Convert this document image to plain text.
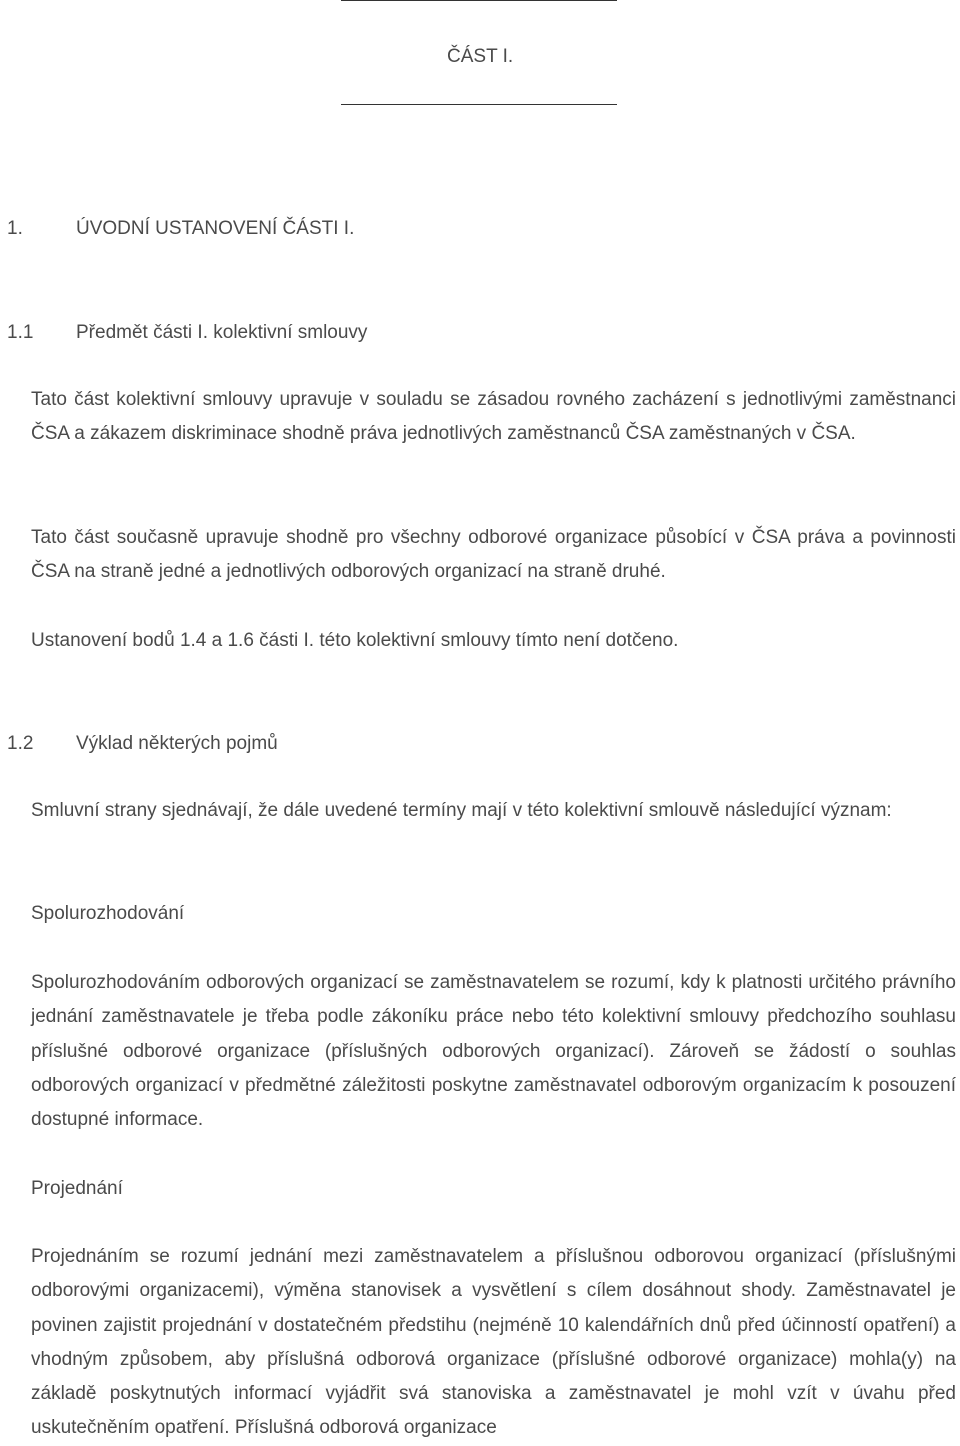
ČÁST I.
1.	ÚVODNÍ USTANOVENÍ ČÁSTI I.
1.1 Předmět části I. kolektivní smlouvy
Tato část kolektivní smlouvy upravuje v souladu se zásadou rovného zacházení s jednotlivými zaměstnanci ČSA a zákazem diskriminace shodně práva jednotlivých zaměstnanců ČSA zaměstnaných v ČSA.
Tato část současně upravuje shodně pro všechny odborové organizace působící v ČSA práva a povinnosti ČSA na straně jedné a jednotlivých odborových organizací na straně druhé.
Ustanovení bodů 1.4 a 1.6 části I. této kolektivní smlouvy tímto není dotčeno.
1.2 Výklad některých pojmů
Smluvní strany sjednávají, že dále uvedené termíny mají v této kolektivní smlouvě následující význam:
Spolurozhodování
Spolurozhodováním odborových organizací se zaměstnavatelem se rozumí, kdy k platnosti určitého právního jednání zaměstnavatele je třeba podle zákoníku práce nebo této kolektivní smlouvy předchozího souhlasu příslušné odborové organizace (příslušných odborových organizací). Zároveň se žádostí o souhlas odborových organizací v předmětné záležitosti poskytne zaměstnavatel odborovým organizacím k posouzení dostupné informace.
Projednání
Projednáním se rozumí jednání mezi zaměstnavatelem a příslušnou odborovou organizací (příslušnými odborovými organizacemi), výměna stanovisek a vysvětlení s cílem dosáhnout shody. Zaměstnavatel je povinen zajistit projednání v dostatečném předstihu (nejméně 10 kalendářních dnů před účinností opatření) a vhodným způsobem, aby příslušná odborová organizace (příslušné odborové organizace) mohla(y) na základě poskytnutých informací vyjádřit svá stanoviska a zaměstnavatel je mohl vzít v úvahu před uskutečněním opatření. Příslušná odborová organizace
